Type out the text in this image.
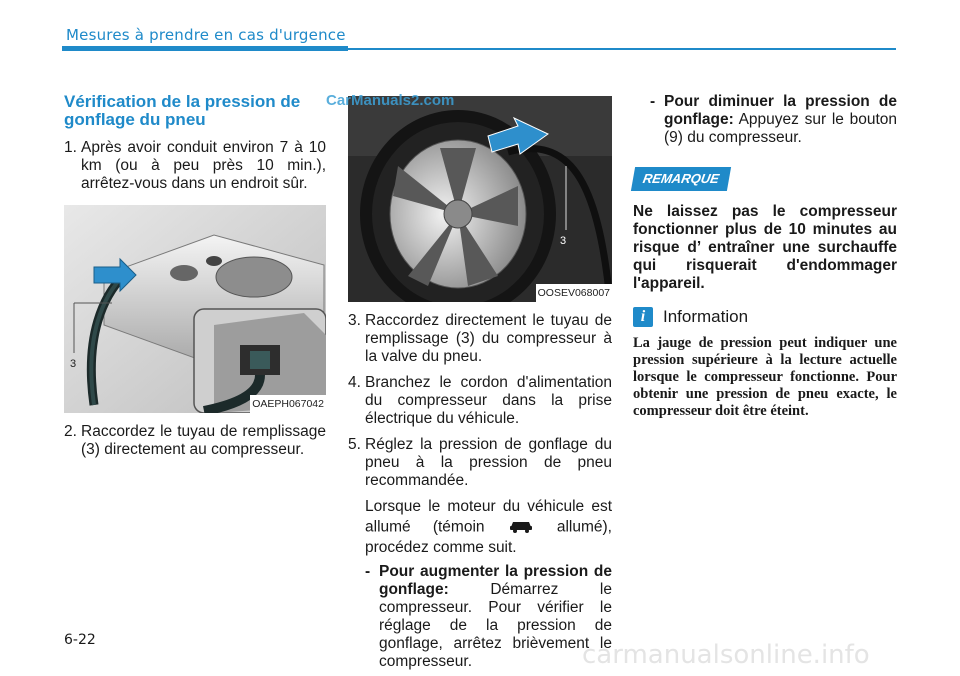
Mesures à prendre en cas d'urgence
Vérification de la pression de gonflage du pneu
1. Après avoir conduit environ 7 à 10 km (ou à peu près 10 min.), arrêtez-vous dans un endroit sûr.
3
OAEPH067042
2. Raccordez le tuyau de remplissage (3) directement au compresseur.
3
OOSEV068007
3. Raccordez directement le tuyau de remplissage (3) du compresseur à la valve du pneu.
4. Branchez le cordon d'alimentation du compresseur dans la prise électrique du véhicule.
5. Réglez la pression de gonflage du pneu à la pression de pneu recommandée.
Lorsque le moteur du véhicule est allumé (témoin	allumé), procédez comme suit.
- Pour augmenter la pression de gonflage:	Démarrez le compresseur. Pour vérifier le réglage de la pression de gonflage, arrêtez brièvement le compresseur.
- Pour diminuer la pression de gonflage: Appuyez sur le bouton (9) du compresseur.
REMARQUE
Ne laissez pas le compresseur fonctionner plus de 10 minutes au risque d’ entraîner une surchauffe qui risquerait d'endommager l'appareil.
i	Information
La jauge de pression peut indiquer une pression supérieure à la lecture actuelle lorsque le compresseur fonctionne. Pour obtenir une pression de pneu exacte, le compresseur doit être éteint.
CarManuals2.com
6-22	carmanualsonline.info
